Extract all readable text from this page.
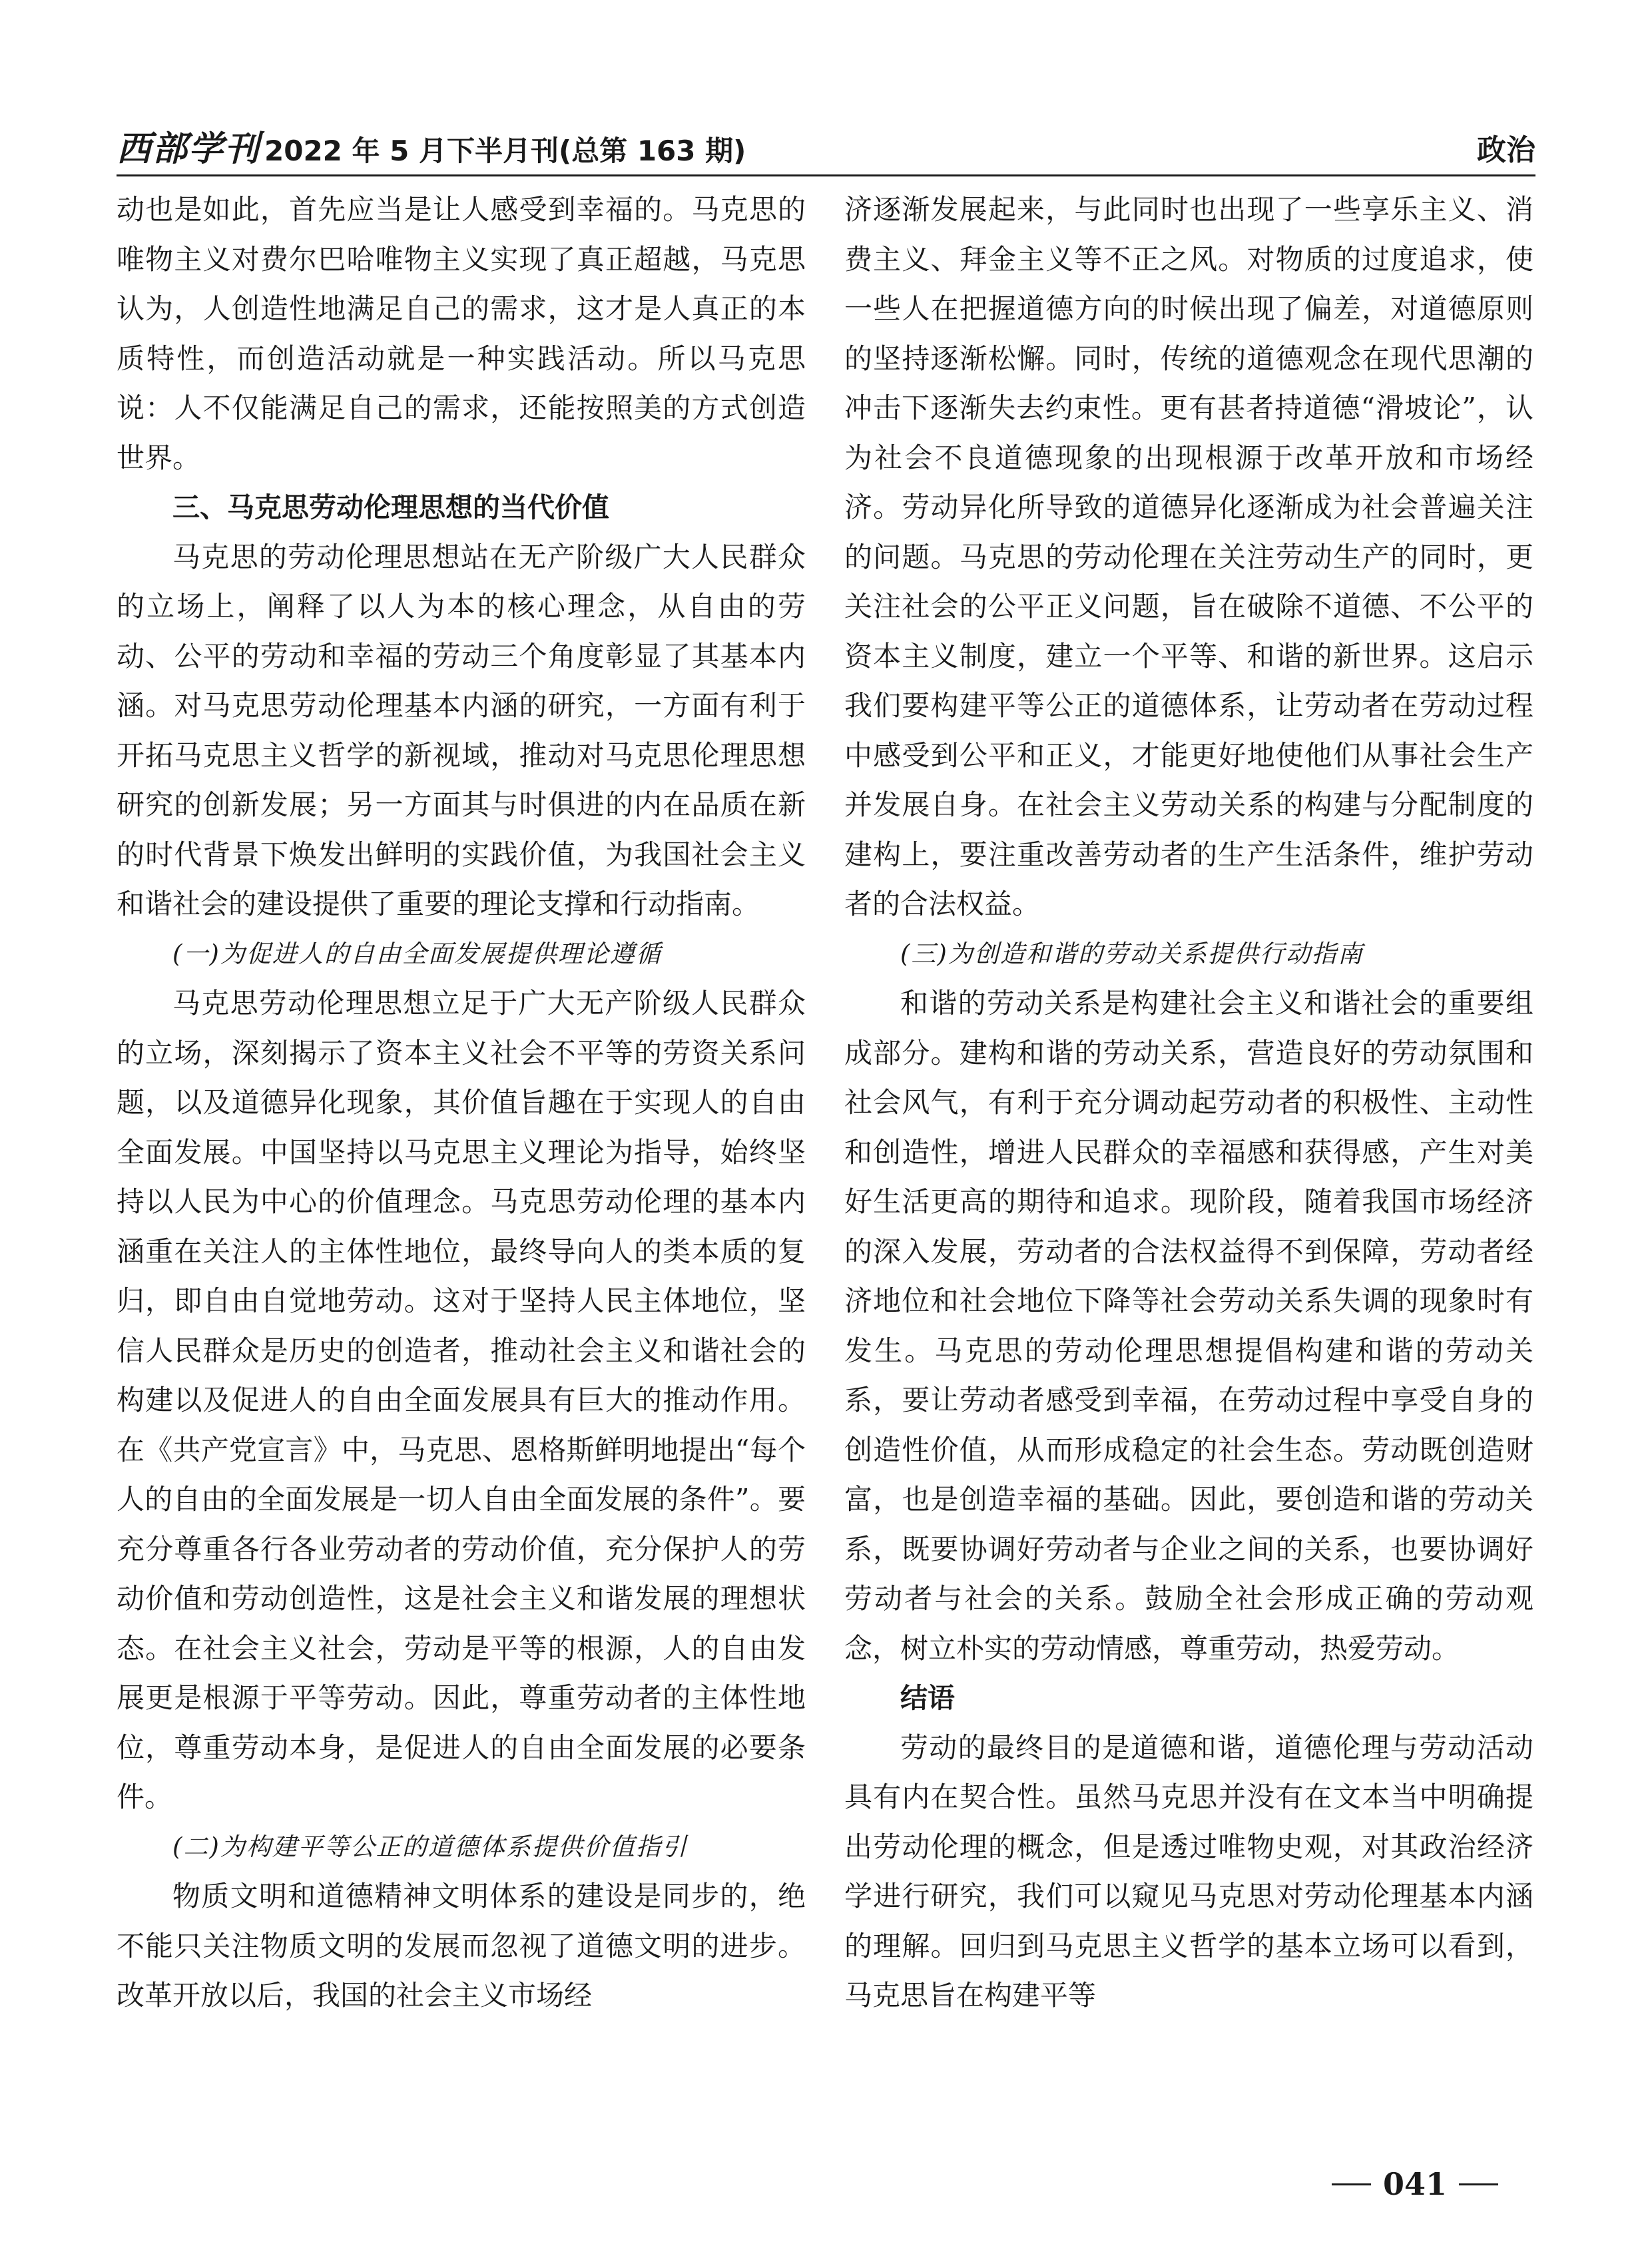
西部学刊 2022 年 5 月下半月刊(总第 163 期)	政治

动也是如此，首先应当是让人感受到幸福的。马克思的唯物主义对费尔巴哈唯物主义实现了真正超越，马克思认为，人创造性地满足自己的需求，这才是人真正的本质特性，而创造活动就是一种实践活动。所以马克思说：人不仅能满足自己的需求，还能按照美的方式创造世界。

三、马克思劳动伦理思想的当代价值

马克思的劳动伦理思想站在无产阶级广大人民群众的立场上，阐释了以人为本的核心理念，从自由的劳动、公平的劳动和幸福的劳动三个角度彰显了其基本内涵。对马克思劳动伦理基本内涵的研究，一方面有利于开拓马克思主义哲学的新视域，推动对马克思伦理思想研究的创新发展；另一方面其与时俱进的内在品质在新的时代背景下焕发出鲜明的实践价值，为我国社会主义和谐社会的建设提供了重要的理论支撑和行动指南。

(一)为促进人的自由全面发展提供理论遵循

马克思劳动伦理思想立足于广大无产阶级人民群众的立场，深刻揭示了资本主义社会不平等的劳资关系问题，以及道德异化现象，其价值旨趣在于实现人的自由全面发展。中国坚持以马克思主义理论为指导，始终坚持以人民为中心的价值理念。马克思劳动伦理的基本内涵重在关注人的主体性地位，最终导向人的类本质的复归，即自由自觉地劳动。这对于坚持人民主体地位，坚信人民群众是历史的创造者，推动社会主义和谐社会的构建以及促进人的自由全面发展具有巨大的推动作用。在《共产党宣言》中，马克思、恩格斯鲜明地提出“每个人的自由的全面发展是一切人自由全面发展的条件”。要充分尊重各行各业劳动者的劳动价值，充分保护人的劳动价值和劳动创造性，这是社会主义和谐发展的理想状态。在社会主义社会，劳动是平等的根源，人的自由发展更是根源于平等劳动。因此，尊重劳动者的主体性地位，尊重劳动本身，是促进人的自由全面发展的必要条件。

(二)为构建平等公正的道德体系提供价值指引

物质文明和道德精神文明体系的建设是同步的，绝不能只关注物质文明的发展而忽视了道德文明的进步。改革开放以后，我国的社会主义市场经

济逐渐发展起来，与此同时也出现了一些享乐主义、消费主义、拜金主义等不正之风。对物质的过度追求，使一些人在把握道德方向的时候出现了偏差，对道德原则的坚持逐渐松懈。同时，传统的道德观念在现代思潮的冲击下逐渐失去约束性。更有甚者持道德“滑坡论”，认为社会不良道德现象的出现根源于改革开放和市场经济。劳动异化所导致的道德异化逐渐成为社会普遍关注的问题。马克思的劳动伦理在关注劳动生产的同时，更关注社会的公平正义问题，旨在破除不道德、不公平的资本主义制度，建立一个平等、和谐的新世界。这启示我们要构建平等公正的道德体系，让劳动者在劳动过程中感受到公平和正义，才能更好地使他们从事社会生产并发展自身。在社会主义劳动关系的构建与分配制度的建构上，要注重改善劳动者的生产生活条件，维护劳动者的合法权益。

(三)为创造和谐的劳动关系提供行动指南

和谐的劳动关系是构建社会主义和谐社会的重要组成部分。建构和谐的劳动关系，营造良好的劳动氛围和社会风气，有利于充分调动起劳动者的积极性、主动性和创造性，增进人民群众的幸福感和获得感，产生对美好生活更高的期待和追求。现阶段，随着我国市场经济的深入发展，劳动者的合法权益得不到保障，劳动者经济地位和社会地位下降等社会劳动关系失调的现象时有发生。马克思的劳动伦理思想提倡构建和谐的劳动关系，要让劳动者感受到幸福，在劳动过程中享受自身的创造性价值，从而形成稳定的社会生态。劳动既创造财富，也是创造幸福的基础。因此，要创造和谐的劳动关系，既要协调好劳动者与企业之间的关系，也要协调好劳动者与社会的关系。鼓励全社会形成正确的劳动观念，树立朴实的劳动情感，尊重劳动，热爱劳动。

结语

劳动的最终目的是道德和谐，道德伦理与劳动活动具有内在契合性。虽然马克思并没有在文本当中明确提出劳动伦理的概念，但是透过唯物史观，对其政治经济学进行研究，我们可以窥见马克思对劳动伦理基本内涵的理解。回归到马克思主义哲学的基本立场可以看到，马克思旨在构建平等

041
